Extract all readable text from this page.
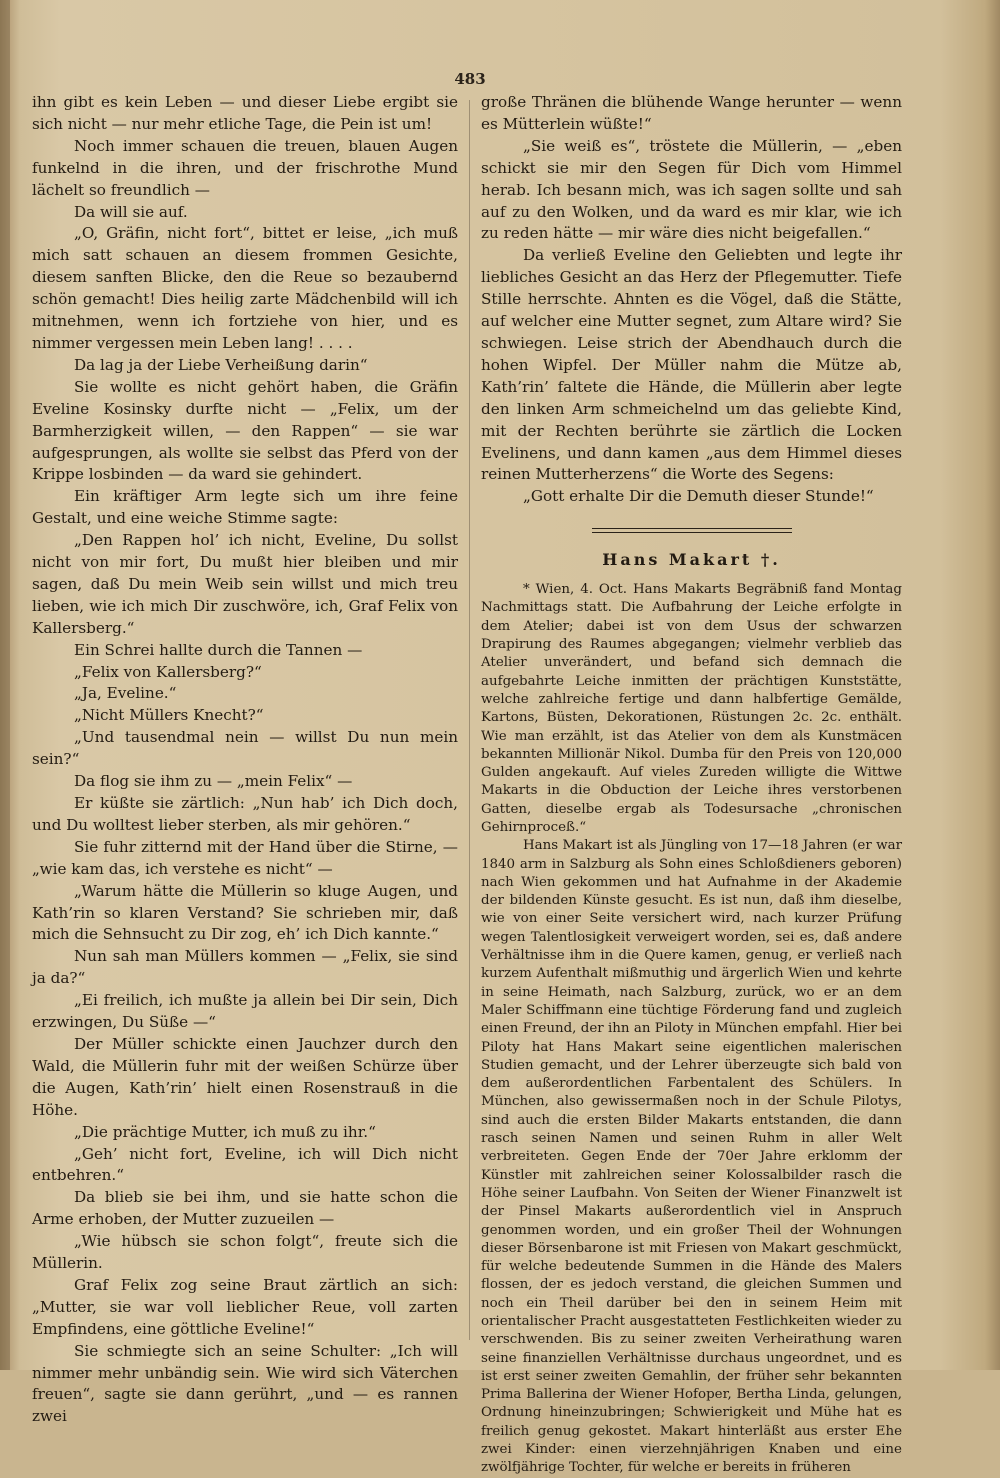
483

ihn gibt es kein Leben — und dieser Liebe ergibt sie sich nicht — nur mehr etliche Tage, die Pein ist um!

Noch immer schauen die treuen, blauen Augen funkelnd in die ihren, und der frischrothe Mund lächelt so freundlich —

Da will sie auf.

„O, Gräfin, nicht fort“, bittet er leise, „ich muß mich satt schauen an diesem frommen Gesichte, diesem sanften Blicke, den die Reue so bezaubernd schön gemacht! Dies heilig zarte Mädchenbild will ich mitnehmen, wenn ich fortziehe von hier, und es nimmer vergessen mein Leben lang! . . . .

Da lag ja der Liebe Verheißung darin“

Sie wollte es nicht gehört haben, die Gräfin Eveline Kosinsky durfte nicht — „Felix, um der Barmherzigkeit willen, — den Rappen“ — sie war aufgesprungen, als wollte sie selbst das Pferd von der Krippe losbinden — da ward sie gehindert.

Ein kräftiger Arm legte sich um ihre feine Gestalt, und eine weiche Stimme sagte:

„Den Rappen hol’ ich nicht, Eveline, Du sollst nicht von mir fort, Du mußt hier bleiben und mir sagen, daß Du mein Weib sein willst und mich treu lieben, wie ich mich Dir zuschwöre, ich, Graf Felix von Kallersberg.“

Ein Schrei hallte durch die Tannen —

„Felix von Kallersberg?“

„Ja, Eveline.“

„Nicht Müllers Knecht?“

„Und tausendmal nein — willst Du nun mein sein?“

Da flog sie ihm zu — „mein Felix“ —

Er küßte sie zärtlich: „Nun hab’ ich Dich doch, und Du wolltest lieber sterben, als mir gehören.“

Sie fuhr zitternd mit der Hand über die Stirne, — „wie kam das, ich verstehe es nicht“ —

„Warum hätte die Müllerin so kluge Augen, und Kath’rin so klaren Verstand? Sie schrieben mir, daß mich die Sehnsucht zu Dir zog, eh’ ich Dich kannte.“

Nun sah man Müllers kommen — „Felix, sie sind ja da?“

„Ei freilich, ich mußte ja allein bei Dir sein, Dich erzwingen, Du Süße —“

Der Müller schickte einen Jauchzer durch den Wald, die Müllerin fuhr mit der weißen Schürze über die Augen, Kath’rin’ hielt einen Rosenstrauß in die Höhe.

„Die prächtige Mutter, ich muß zu ihr.“

„Geh’ nicht fort, Eveline, ich will Dich nicht entbehren.“

Da blieb sie bei ihm, und sie hatte schon die Arme erhoben, der Mutter zuzueilen —

„Wie hübsch sie schon folgt“, freute sich die Müllerin.

Graf Felix zog seine Braut zärtlich an sich: „Mutter, sie war voll lieblicher Reue, voll zarten Empfindens, eine göttliche Eveline!“

Sie schmiegte sich an seine Schulter: „Ich will nimmer mehr unbändig sein. Wie wird sich Väterchen freuen“, sagte sie dann gerührt, „und — es rannen zwei

große Thränen die blühende Wange herunter — wenn es Mütterlein wüßte!“

„Sie weiß es“, tröstete die Müllerin, — „eben schickt sie mir den Segen für Dich vom Himmel herab. Ich besann mich, was ich sagen sollte und sah auf zu den Wolken, und da ward es mir klar, wie ich zu reden hätte — mir wäre dies nicht beigefallen.“

Da verließ Eveline den Geliebten und legte ihr liebliches Gesicht an das Herz der Pflegemutter. Tiefe Stille herrschte. Ahnten es die Vögel, daß die Stätte, auf welcher eine Mutter segnet, zum Altare wird? Sie schwiegen. Leise strich der Abendhauch durch die hohen Wipfel. Der Müller nahm die Mütze ab, Kath’rin’ faltete die Hände, die Müllerin aber legte den linken Arm schmeichelnd um das geliebte Kind, mit der Rechten berührte sie zärtlich die Locken Evelinens, und dann kamen „aus dem Himmel dieses reinen Mutterherzens“ die Worte des Segens:

„Gott erhalte Dir die Demuth dieser Stunde!“

Hans Makart †.

* Wien, 4. Oct. Hans Makarts Begräbniß fand Montag Nachmittags statt. Die Aufbahrung der Leiche erfolgte in dem Atelier; dabei ist von dem Usus der schwarzen Drapirung des Raumes abgegangen; vielmehr verblieb das Atelier unverändert, und befand sich demnach die aufgebahrte Leiche inmitten der prächtigen Kunststätte, welche zahlreiche fertige und dann halbfertige Gemälde, Kartons, Büsten, Dekorationen, Rüstungen 2c. 2c. enthält. Wie man erzählt, ist das Atelier von dem als Kunstmäcen bekannten Millionär Nikol. Dumba für den Preis von 120,000 Gulden angekauft. Auf vieles Zureden willigte die Wittwe Makarts in die Obduction der Leiche ihres verstorbenen Gatten, dieselbe ergab als Todesursache „chronischen Gehirnproceß.“

Hans Makart ist als Jüngling von 17—18 Jahren (er war 1840 arm in Salzburg als Sohn eines Schloßdieners geboren) nach Wien gekommen und hat Aufnahme in der Akademie der bildenden Künste gesucht. Es ist nun, daß ihm dieselbe, wie von einer Seite versichert wird, nach kurzer Prüfung wegen Talentlosigkeit verweigert worden, sei es, daß andere Verhältnisse ihm in die Quere kamen, genug, er verließ nach kurzem Aufenthalt mißmuthig und ärgerlich Wien und kehrte in seine Heimath, nach Salzburg, zurück, wo er an dem Maler Schiffmann eine tüchtige Förderung fand und zugleich einen Freund, der ihn an Piloty in München empfahl. Hier bei Piloty hat Hans Makart seine eigentlichen malerischen Studien gemacht, und der Lehrer überzeugte sich bald von dem außerordentlichen Farbentalent des Schülers. In München, also gewissermaßen noch in der Schule Pilotys, sind auch die ersten Bilder Makarts entstanden, die dann rasch seinen Namen und seinen Ruhm in aller Welt verbreiteten. Gegen Ende der 70er Jahre erklomm der Künstler mit zahlreichen seiner Kolossalbilder rasch die Höhe seiner Laufbahn. Von Seiten der Wiener Finanzwelt ist der Pinsel Makarts außerordentlich viel in Anspruch genommen worden, und ein großer Theil der Wohnungen dieser Börsenbarone ist mit Friesen von Makart geschmückt, für welche bedeutende Summen in die Hände des Malers flossen, der es jedoch verstand, die gleichen Summen und noch ein Theil darüber bei den in seinem Heim mit orientalischer Pracht ausgestatteten Festlichkeiten wieder zu verschwenden. Bis zu seiner zweiten Verheirathung waren seine finanziellen Verhältnisse durchaus ungeordnet, und es ist erst seiner zweiten Gemahlin, der früher sehr bekannten Prima Ballerina der Wiener Hofoper, Bertha Linda, gelungen, Ordnung hineinzubringen; Schwierigkeit und Mühe hat es freilich genug gekostet. Makart hinterläßt aus erster Ehe zwei Kinder: einen vierzehnjährigen Knaben und eine zwölfjährige Tochter, für welche er bereits in früheren
